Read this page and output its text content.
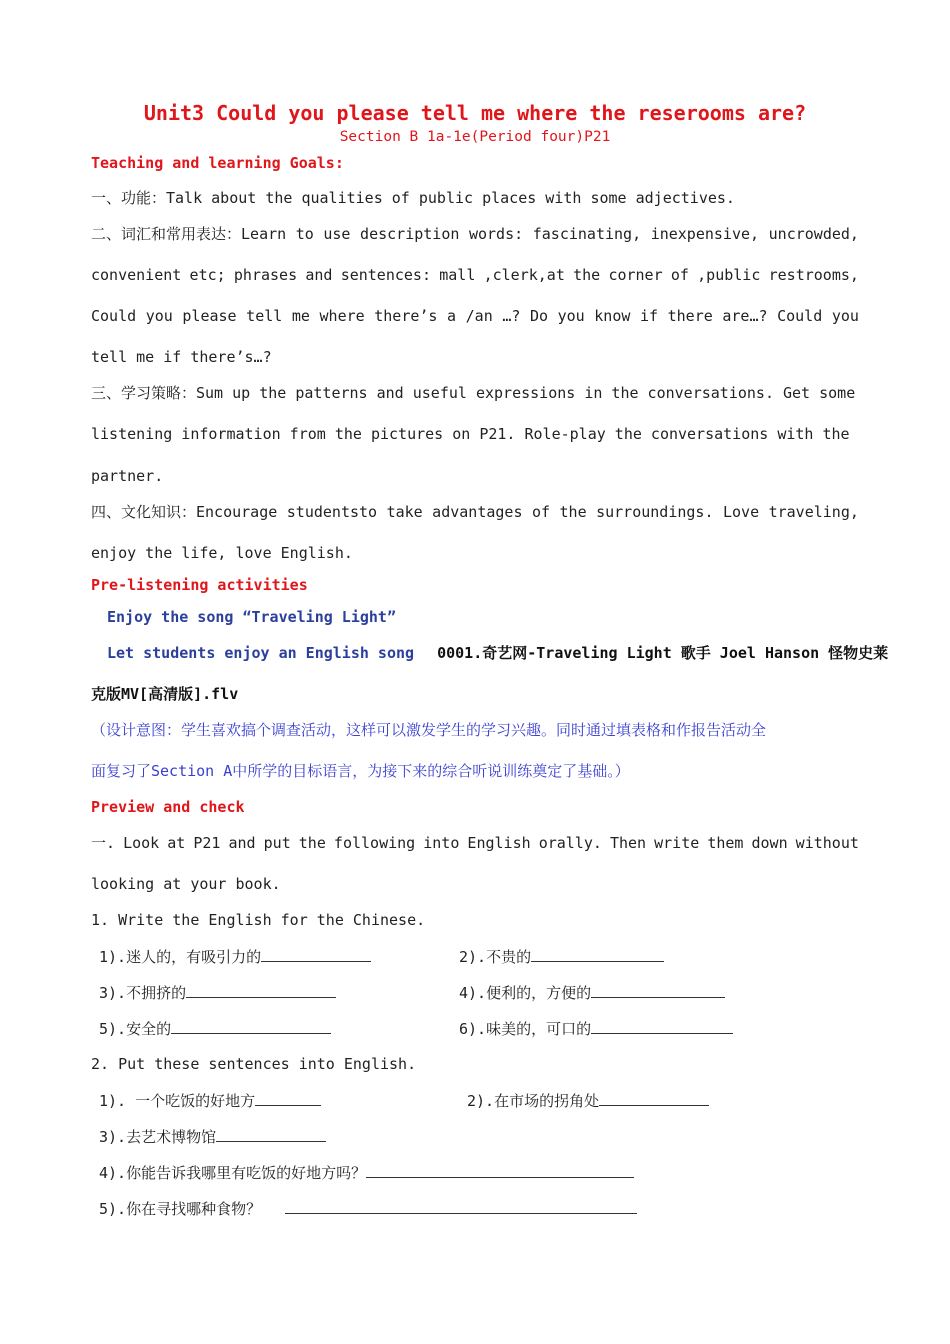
Unit3 Could you please tell me where the reserooms are?
Section B 1a-1e(Period four)P21
Teaching and learning Goals:
一、功能：Talk about the qualities of public places with some adjectives.
二、词汇和常用表达：Learn to use description words: fascinating, inexpensive, uncrowded,
convenient etc; phrases and sentences: mall ,clerk,at the corner of ,public restrooms,
Could you please tell me where there’s a /an …? Do you know if there are…? Could you
tell me if there’s…?
三、学习策略：Sum up the patterns and useful expressions in the conversations. Get some
listening information from the pictures on P21. Role-play the conversations with the
partner.
四、文化知识：Encourage studentsto take advantages of the surroundings. Love traveling,
enjoy the life, love English.
Pre-listening activities
Enjoy the song “Traveling Light”
Let students enjoy an English song 0001.奇艺网-Traveling Light 歌手 Joel Hanson 怪物史莱
克版MV[高清版].flv
（设计意图：学生喜欢搞个调查活动，这样可以激发学生的学习兴趣。同时通过填表格和作报告活动全
面复习了Section A中所学的目标语言，为接下来的综合听说训练奠定了基础。）
Preview and check
一. Look at P21 and put the following into English orally. Then write them down without
looking at your book.
1. Write the English for the Chinese.
1).迷人的，有吸引力的	2).不贵的
3).不拥挤的	4).便利的，方便的
5).安全的	6).味美的，可口的
2. Put these sentences into English.
1). 一个吃饭的好地方	2).在市场的拐角处
3).去艺术博物馆
4).你能告诉我哪里有吃饭的好地方吗？
5).你在寻找哪种食物？
